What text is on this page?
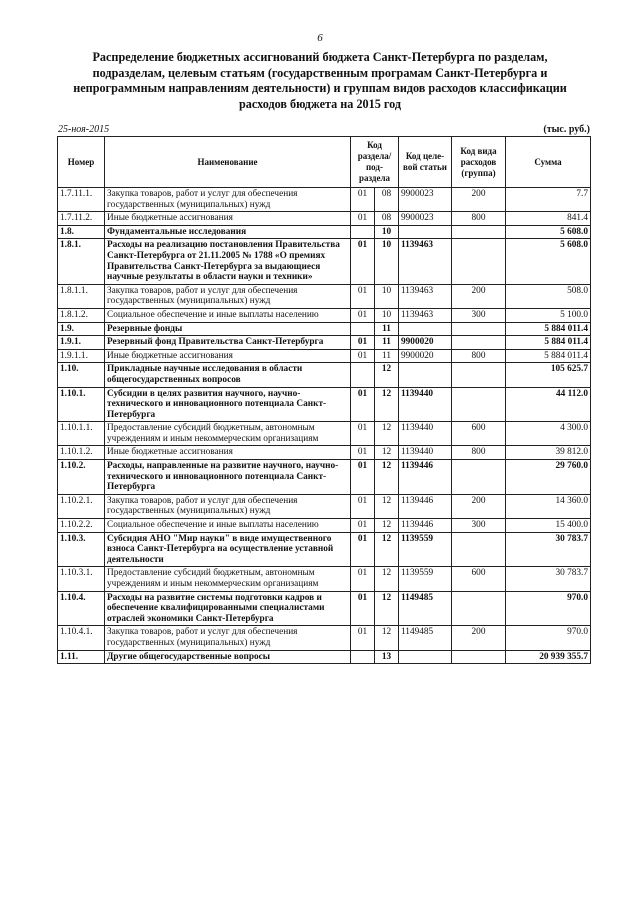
6
Распределение бюджетных ассигнований бюджета Санкт-Петербурга по разделам, подразделам, целевым статьям (государственным програмам Санкт-Петербурга и непрограммным направлениям деятельности) и группам видов расходов классификации расходов бюджета на 2015 год
25-ноя-2015	(тыс. руб.)
Номер	Наименование	Код раздела/ под-раздела		Код целе-вой статьи	Код вида расходов (группа)	Сумма
1.7.11.1.	Закупка товаров, работ и услуг для обеспечения государственных (муниципальных) нужд	01	08	9900023	200	7.7
1.7.11.2.	Иные бюджетные ассигнования	01	08	9900023	800	841.4
1.8.	Фундаментальные исследования		10			5 608.0
1.8.1.	Расходы на реализацию постановления Правительства Санкт-Петербурга от 21.11.2005 № 1788 «О премиях Правительства Санкт-Петербурга за выдающиеся научные результаты в области науки и техники»	01	10	1139463		5 608.0
1.8.1.1.	Закупка товаров, работ и услуг для обеспечения государственных (муниципальных) нужд	01	10	1139463	200	508.0
1.8.1.2.	Социальное обеспечение и иные выплаты населению	01	10	1139463	300	5 100.0
1.9.	Резервные фонды		11			5 884 011.4
1.9.1.	Резервный фонд Правительства Санкт-Петербурга	01	11	9900020		5 884 011.4
1.9.1.1.	Иные бюджетные ассигнования	01	11	9900020	800	5 884 011.4
1.10.	Прикладные научные исследования в области общегосударственных вопросов		12			105 625.7
1.10.1.	Субсидии в целях развития научного, научно-технического и инновационного потенциала Санкт-Петербурга	01	12	1139440		44 112.0
1.10.1.1.	Предоставление субсидий бюджетным, автономным учреждениям и иным некоммерческим организациям	01	12	1139440	600	4 300.0
1.10.1.2.	Иные бюджетные ассигнования	01	12	1139440	800	39 812.0
1.10.2.	Расходы, направленные на развитие научного, научно-технического и инновационного потенциала Санкт-Петербурга	01	12	1139446		29 760.0
1.10.2.1.	Закупка товаров, работ и услуг для обеспечения государственных (муниципальных) нужд	01	12	1139446	200	14 360.0
1.10.2.2.	Социальное обеспечение и иные выплаты населению	01	12	1139446	300	15 400.0
1.10.3.	Субсидия АНО "Мир науки" в виде имущественного взноса Санкт-Петербурга на осуществление уставной деятельности	01	12	1139559		30 783.7
1.10.3.1.	Предоставление субсидий бюджетным, автономным учреждениям и иным некоммерческим организациям	01	12	1139559	600	30 783.7
1.10.4.	Расходы на развитие системы подготовки кадров и обеспечение квалифицированными специалистами отраслей экономики Санкт-Петербурга	01	12	1149485		970.0
1.10.4.1.	Закупка товаров, работ и услуг для обеспечения государственных (муниципальных) нужд	01	12	1149485	200	970.0
1.11.	Другие общегосударственные вопросы		13			20 939 355.7
